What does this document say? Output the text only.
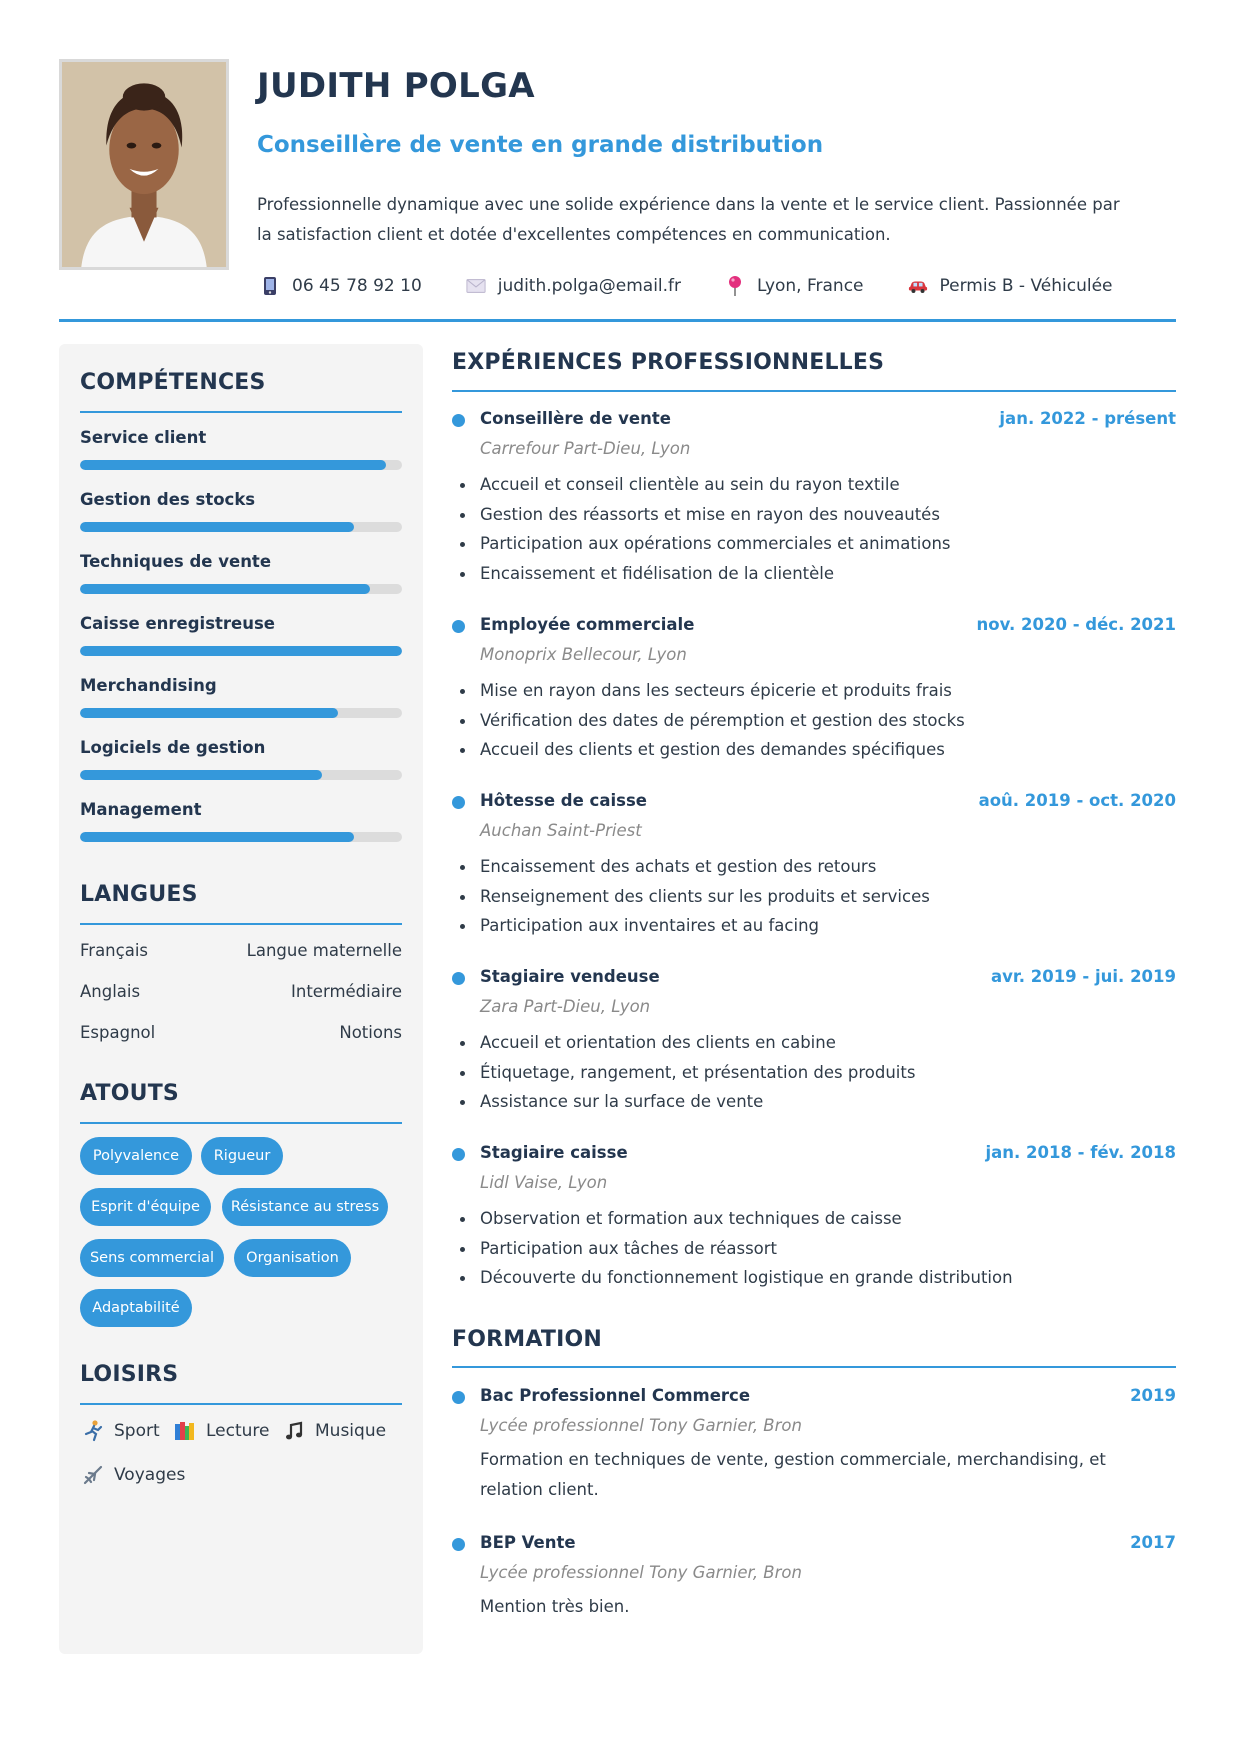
JUDITH POLGA
Conseillère de vente en grande distribution
Professionnelle dynamique avec une solide expérience dans la vente et le service client. Passionnée par la satisfaction client et dotée d'excellentes compétences en communication.
06 45 78 92 10	judith.polga@email.fr	Lyon, France	Permis B - Véhiculée
COMPÉTENCES
Service client
Gestion des stocks
Techniques de vente
Caisse enregistreuse
Merchandising
Logiciels de gestion
Management
LANGUES
Français	Langue maternelle
Anglais	Intermédiaire
Espagnol	Notions
ATOUTS
Polyvalence	Rigueur
Esprit d'équipe	Résistance au stress
Sens commercial	Organisation
Adaptabilité
LOISIRS
Sport	Lecture	Musique
Voyages
EXPÉRIENCES PROFESSIONNELLES
Conseillère de vente	jan. 2022 - présent
Carrefour Part-Dieu, Lyon
Accueil et conseil clientèle au sein du rayon textile
Gestion des réassorts et mise en rayon des nouveautés
Participation aux opérations commerciales et animations
Encaissement et fidélisation de la clientèle
Employée commerciale	nov. 2020 - déc. 2021
Monoprix Bellecour, Lyon
Mise en rayon dans les secteurs épicerie et produits frais
Vérification des dates de péremption et gestion des stocks
Accueil des clients et gestion des demandes spécifiques
Hôtesse de caisse	aoû. 2019 - oct. 2020
Auchan Saint-Priest
Encaissement des achats et gestion des retours
Renseignement des clients sur les produits et services
Participation aux inventaires et au facing
Stagiaire vendeuse	avr. 2019 - jui. 2019
Zara Part-Dieu, Lyon
Accueil et orientation des clients en cabine
Étiquetage, rangement, et présentation des produits
Assistance sur la surface de vente
Stagiaire caisse	jan. 2018 - fév. 2018
Lidl Vaise, Lyon
Observation et formation aux techniques de caisse
Participation aux tâches de réassort
Découverte du fonctionnement logistique en grande distribution
FORMATION
Bac Professionnel Commerce	2019
Lycée professionnel Tony Garnier, Bron
Formation en techniques de vente, gestion commerciale, merchandising, et relation client.
BEP Vente	2017
Lycée professionnel Tony Garnier, Bron
Mention très bien.
